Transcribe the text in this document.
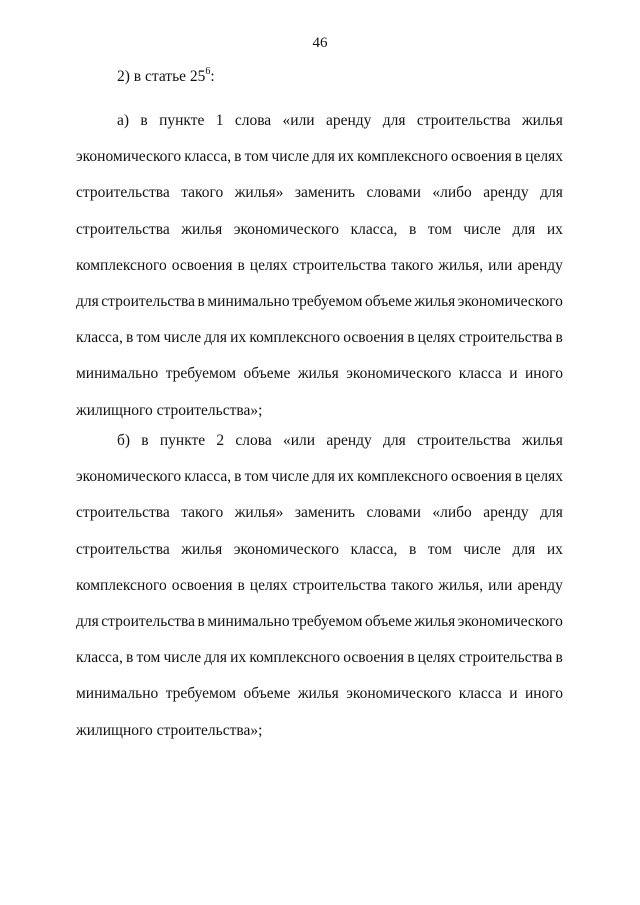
46
2) в статье $25^6$:
а) в пункте 1 слова «или аренду для строительства жилья
экономического класса, в том числе для их комплексного освоения в целях
строительства такого жилья» заменить словами «либо аренду для
строительства жилья экономического класса, в том числе для их
комплексного освоения в целях строительства такого жилья, или аренду
для строительства в минимально требуемом объеме жилья экономического
класса, в том числе для их комплексного освоения в целях строительства в
минимально требуемом объеме жилья экономического класса и иного
жилищного строительства»;
б) в пункте 2 слова «или аренду для строительства жилья
экономического класса, в том числе для их комплексного освоения в целях
строительства такого жилья» заменить словами «либо аренду для
строительства жилья экономического класса, в том числе для их
комплексного освоения в целях строительства такого жилья, или аренду
для строительства в минимально требуемом объеме жилья экономического
класса, в том числе для их комплексного освоения в целях строительства в
минимально требуемом объеме жилья экономического класса и иного
жилищного строительства»;
